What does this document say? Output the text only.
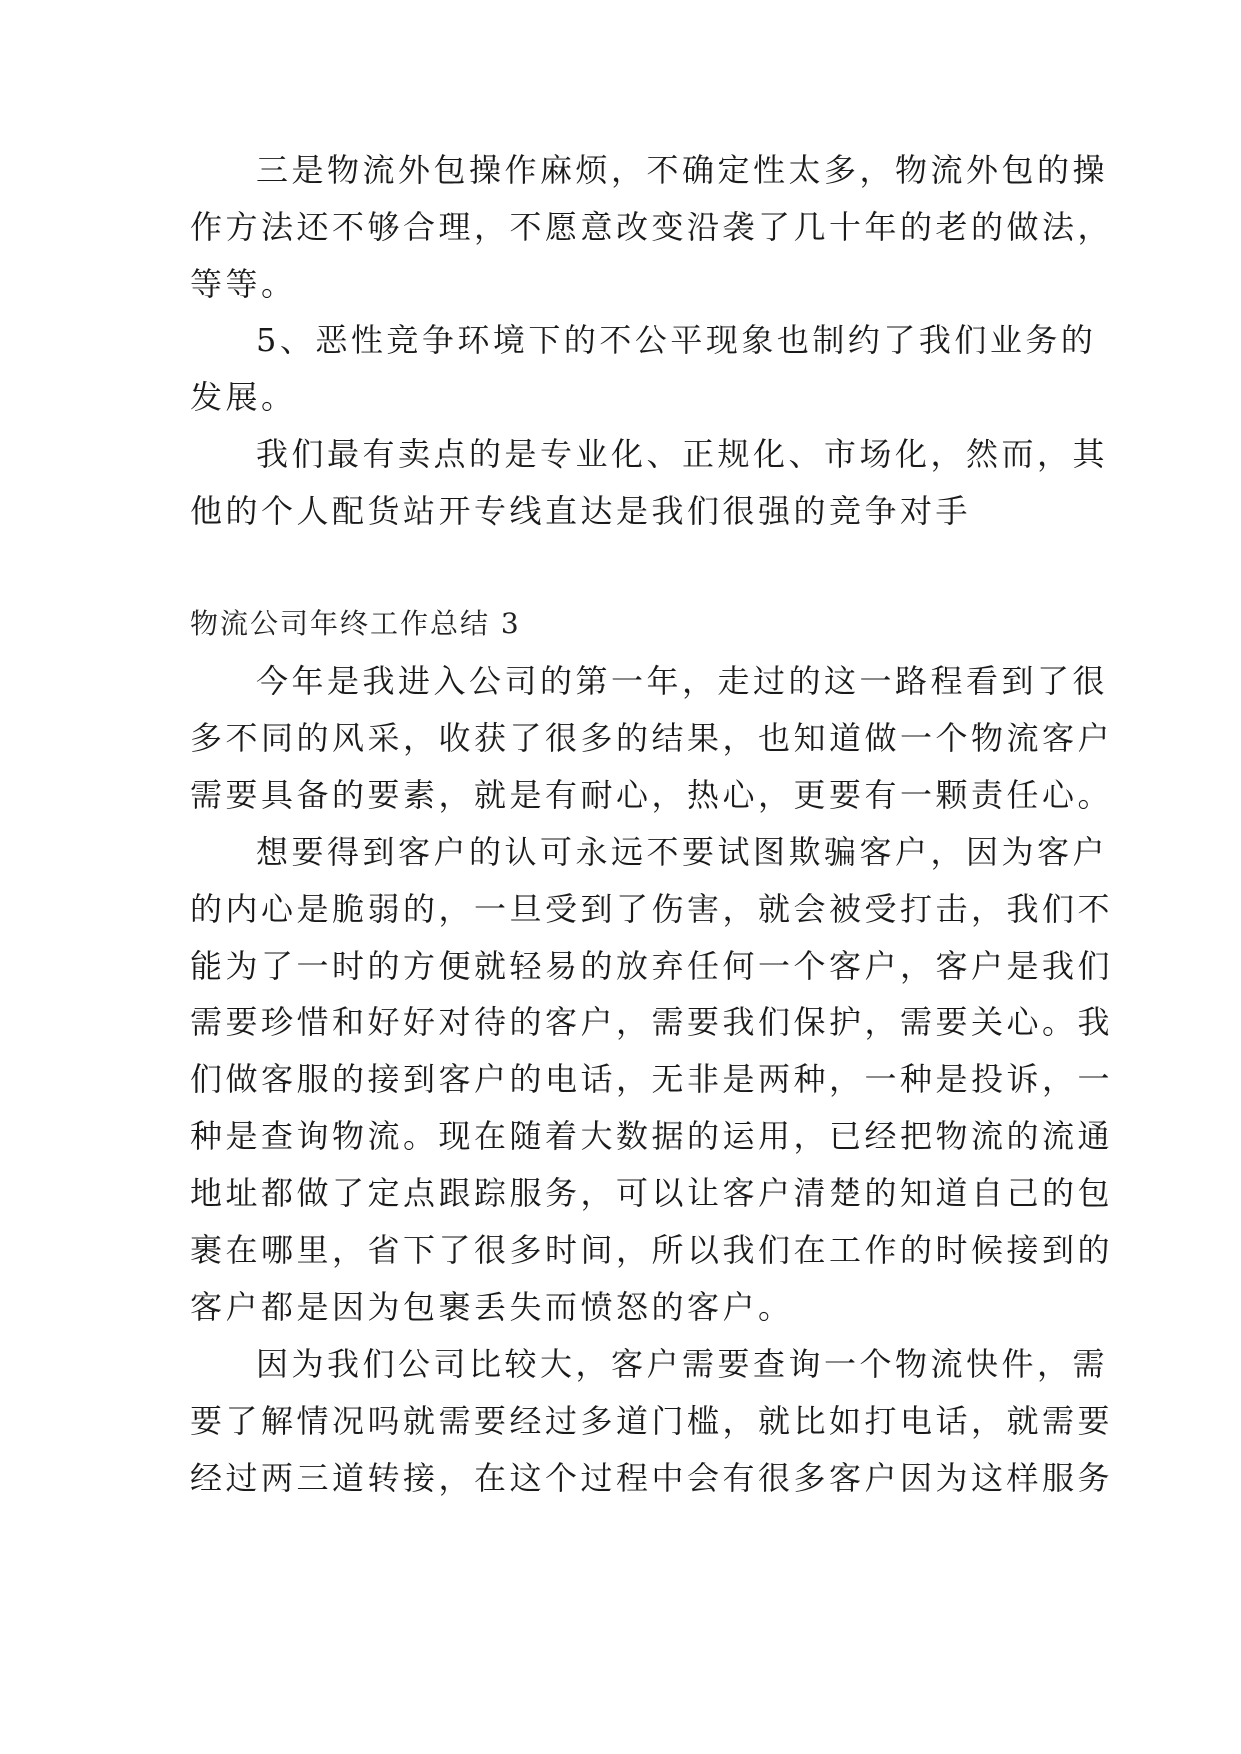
三是物流外包操作麻烦，不确定性太多，物流外包的操
作方法还不够合理，不愿意改变沿袭了几十年的老的做法，
等等。
5、恶性竞争环境下的不公平现象也制约了我们业务的
发展。
我们最有卖点的是专业化、正规化、市场化，然而，其
他的个人配货站开专线直达是我们很强的竞争对手
物流公司年终工作总结 3
今年是我进入公司的第一年，走过的这一路程看到了很
多不同的风采，收获了很多的结果，也知道做一个物流客户
需要具备的要素，就是有耐心，热心，更要有一颗责任心。
想要得到客户的认可永远不要试图欺骗客户，因为客户
的内心是脆弱的，一旦受到了伤害，就会被受打击，我们不
能为了一时的方便就轻易的放弃任何一个客户，客户是我们
需要珍惜和好好对待的客户，需要我们保护，需要关心。我
们做客服的接到客户的电话，无非是两种，一种是投诉，一
种是查询物流。现在随着大数据的运用，已经把物流的流通
地址都做了定点跟踪服务，可以让客户清楚的知道自己的包
裹在哪里，省下了很多时间，所以我们在工作的时候接到的
客户都是因为包裹丢失而愤怒的客户。
因为我们公司比较大，客户需要查询一个物流快件，需
要了解情况吗就需要经过多道门槛，就比如打电话，就需要
经过两三道转接，在这个过程中会有很多客户因为这样服务
